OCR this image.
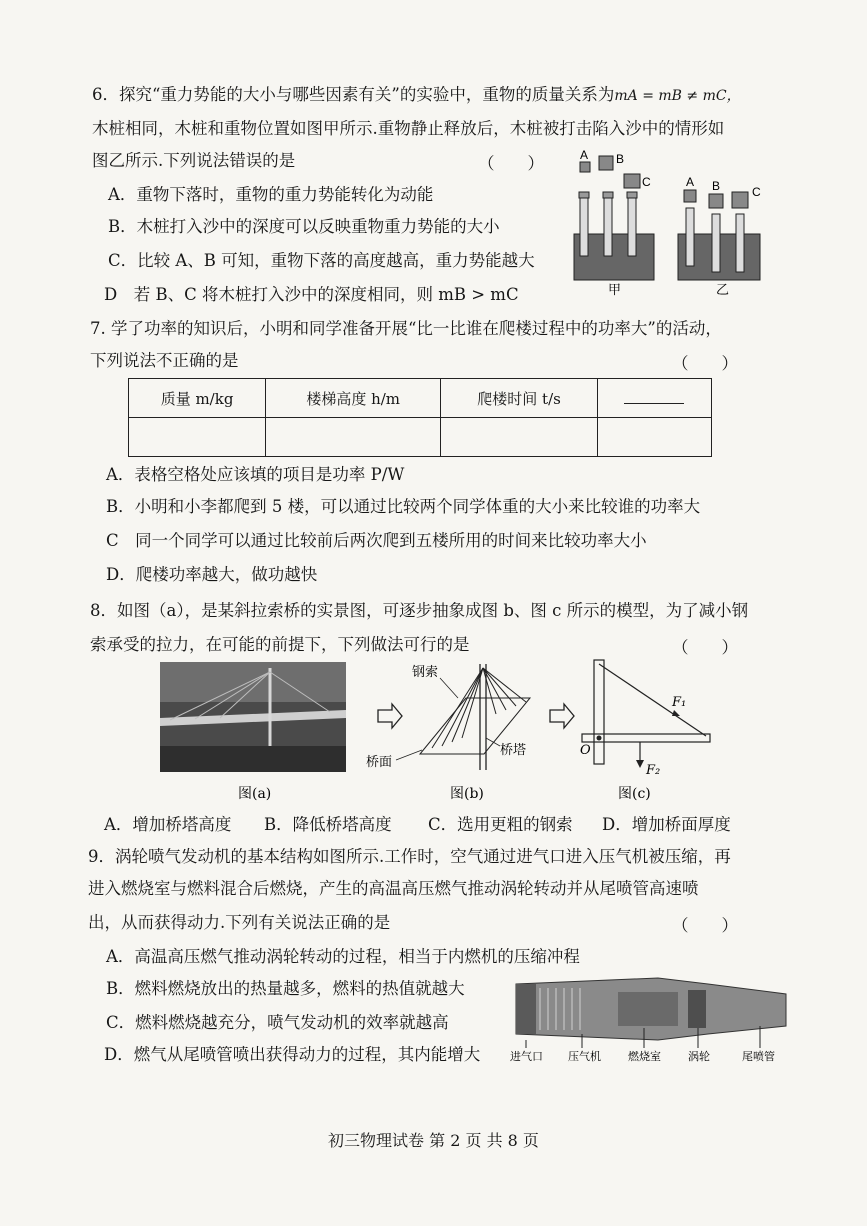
6．探究“重力势能的大小与哪些因素有关”的实验中，重物的质量关系为mA = mB ≠ mC，
木桩相同，木桩和重物位置如图甲所示.重物静止释放后，木桩被打击陷入沙中的情形如
图乙所示.下列说法错误的是	（　　）
A．重物下落时，重物的重力势能转化为动能
B．木桩打入沙中的深度可以反映重物重力势能的大小
C．比较 A、B 可知，重物下落的高度越高，重力势能越大
D　若 B、C 将木桩打入沙中的深度相同，则 mB > mC
A B
C
甲
A B	C
乙
7. 学了功率的知识后，小明和同学准备开展“比一比谁在爬楼过程中的功率大”的活动，
下列说法不正确的是	（　　）
质量 m/kg	楼梯高度 h/m	爬楼时间 t/s	

A．表格空格处应该填的项目是功率 P/W
B．小明和小李都爬到 5 楼，可以通过比较两个同学体重的大小来比较谁的功率大
C　同一个同学可以通过比较前后两次爬到五楼所用的时间来比较功率大小
D．爬楼功率越大，做功越快
8．如图（a），是某斜拉索桥的实景图，可逐步抽象成图 b、图 c 所示的模型，为了减小钢
索承受的拉力，在可能的前提下，下列做法可行的是	（　　）
图(a)
钢索
桥塔
桥面
图(b)
O
F₁
F₂
图(c)
A．增加桥塔高度 B．降低桥塔高度 C．选用更粗的钢索 D．增加桥面厚度
9．涡轮喷气发动机的基本结构如图所示.工作时，空气通过进气口进入压气机被压缩，再
进入燃烧室与燃料混合后燃烧，产生的高温高压燃气推动涡轮转动并从尾喷管高速喷
出，从而获得动力.下列有关说法正确的是	（　　）
A．高温高压燃气推动涡轮转动的过程，相当于内燃机的压缩冲程
B．燃料燃烧放出的热量越多，燃料的热值就越大
C．燃料燃烧越充分，喷气发动机的效率就越高
D．燃气从尾喷管喷出获得动力的过程，其内能增大	进气口 压气机 燃烧室 涡轮	尾喷管
初三物理试卷 第 2 页 共 8 页
